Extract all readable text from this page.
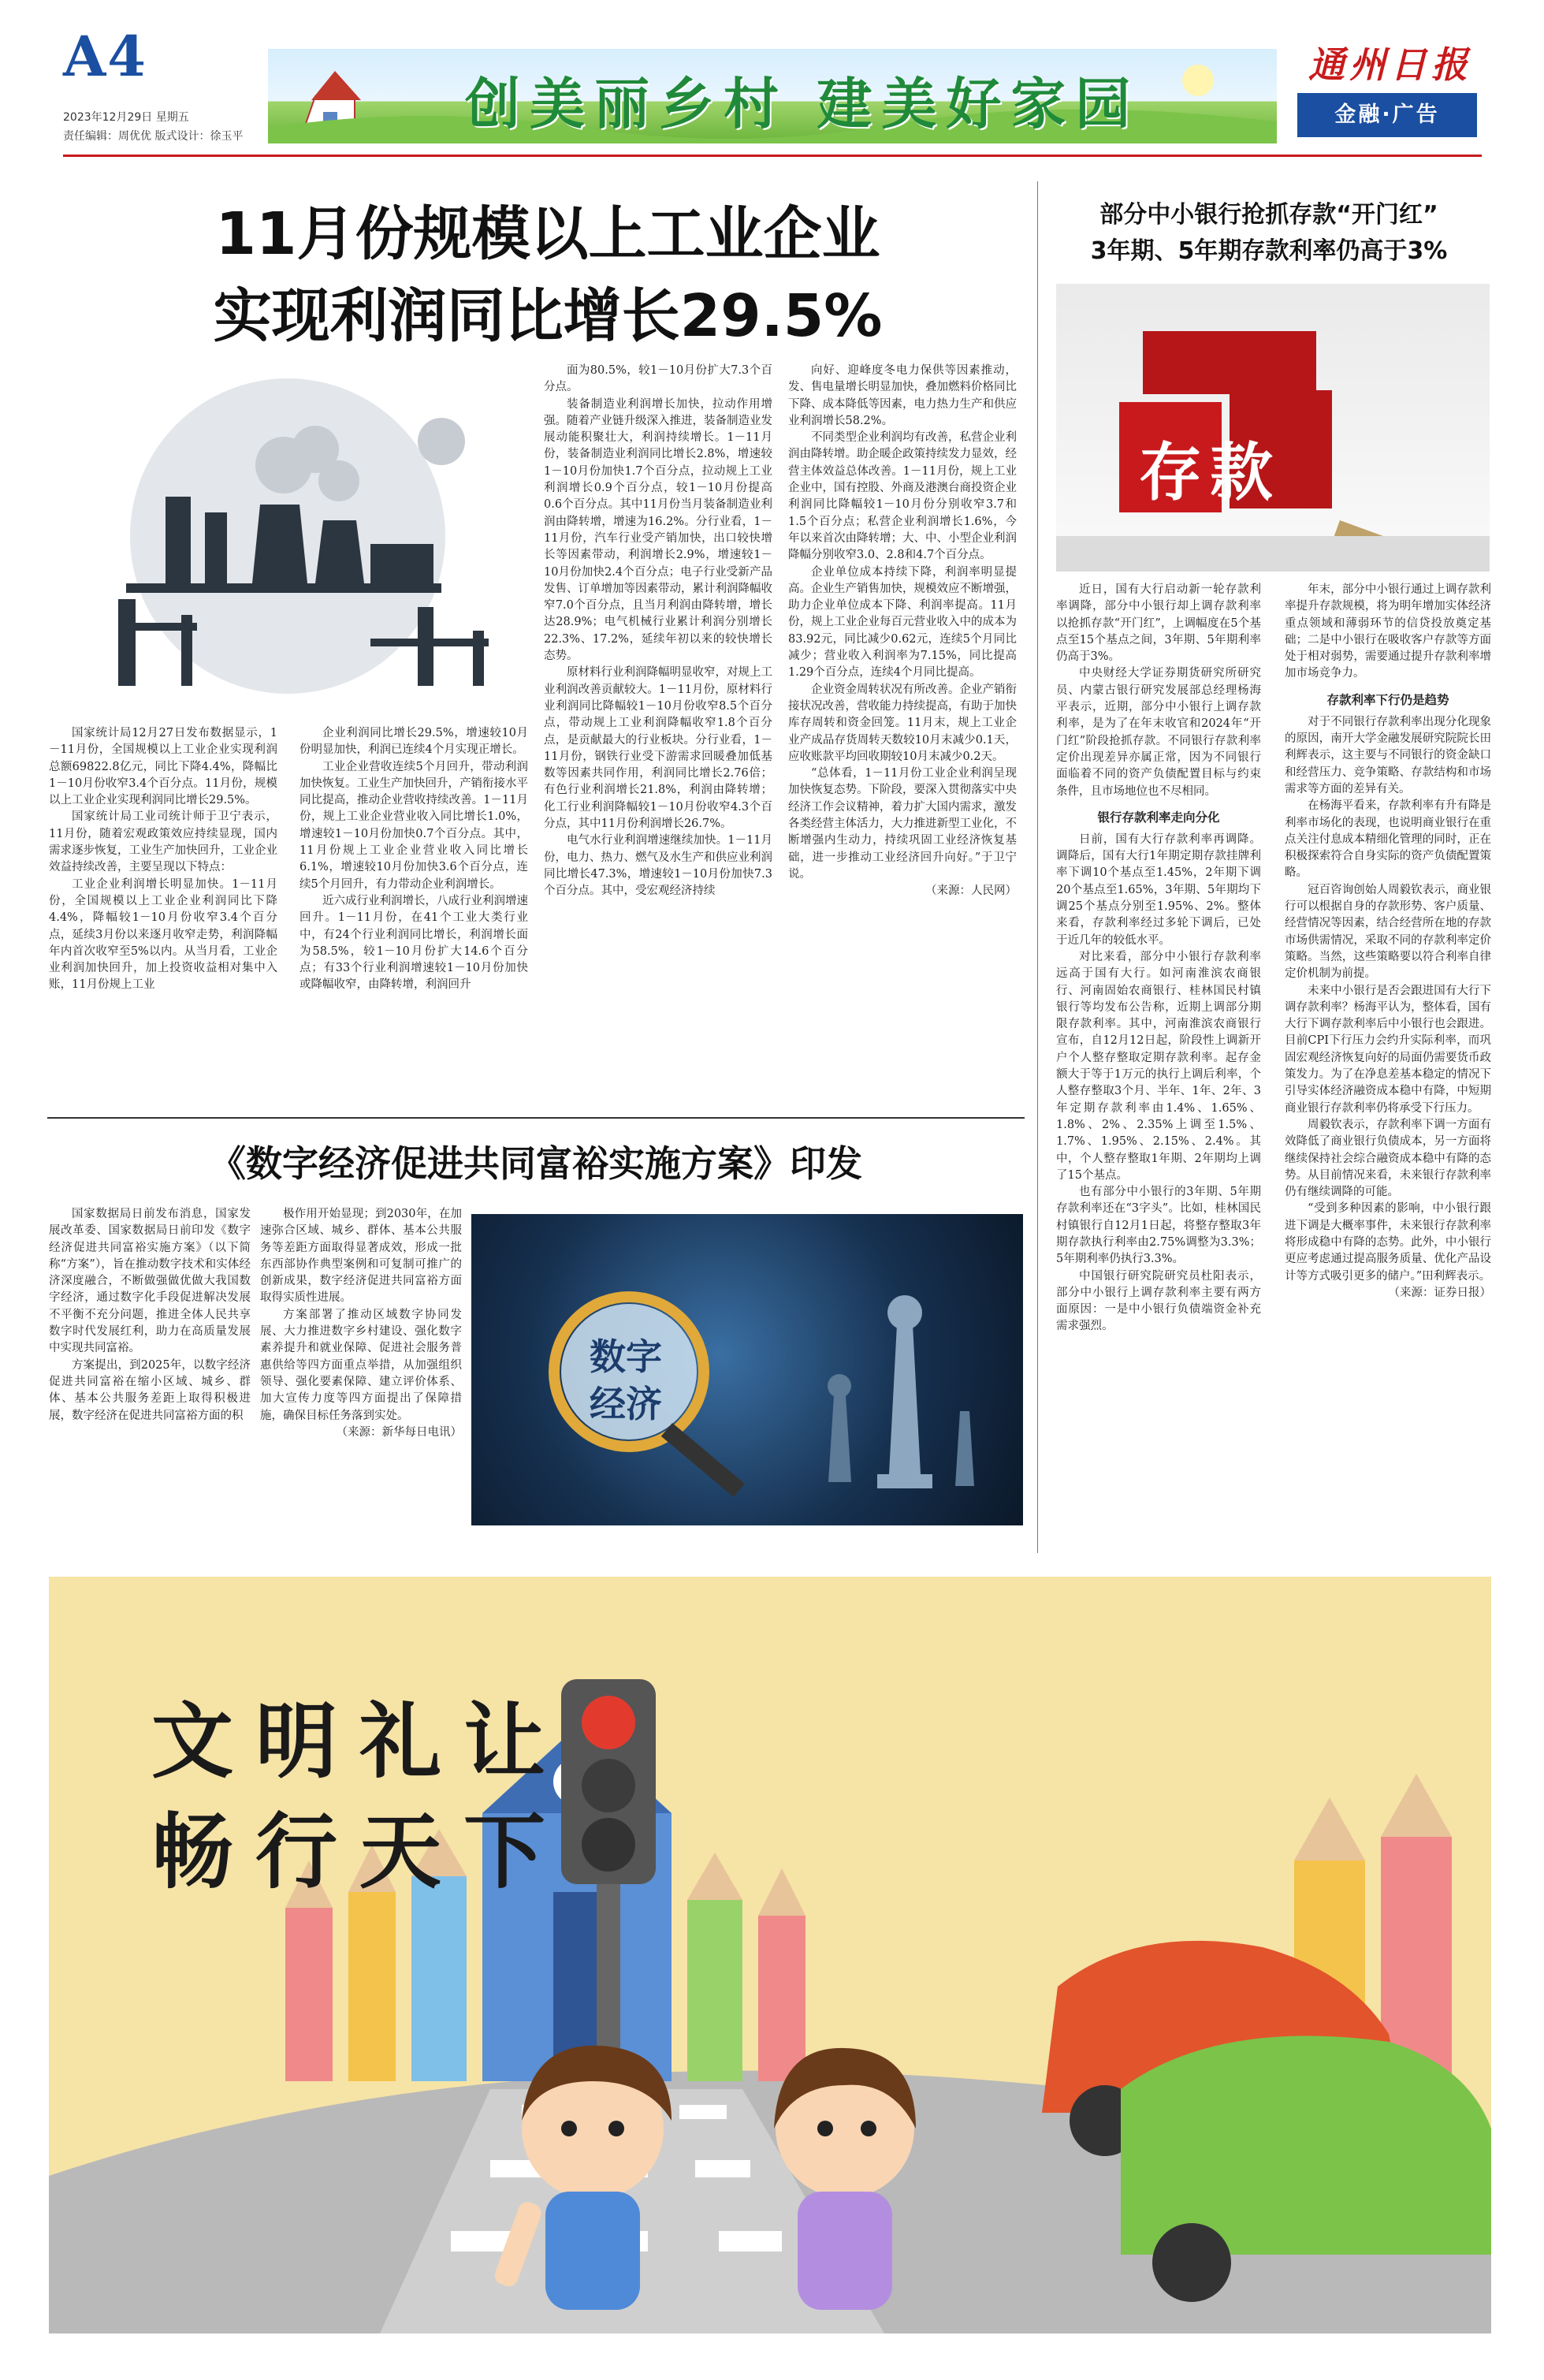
A4
2023年12月29日 星期五
责任编辑：周优优 版式设计：徐玉平	创美丽乡村 建美好家园
通州日报
金融·广告
11月份规模以上工业企业
实现利润同比增长29.5%

国家统计局12月27日发布数据显示，1－11月份，全国规模以上工业企业实现利润总额69822.8亿元，同比下降4.4%，降幅比1－10月份收窄3.4个百分点。11月份，规模以上工业企业实现利润同比增长29.5%。

国家统计局工业司统计师于卫宁表示，11月份，随着宏观政策效应持续显现，国内需求逐步恢复，工业生产加快回升，工业企业效益持续改善，主要呈现以下特点：

工业企业利润增长明显加快。1－11月份，全国规模以上工业企业利润同比下降4.4%，降幅较1－10月份收窄3.4个百分点，延续3月份以来逐月收窄走势，利润降幅年内首次收窄至5%以内。从当月看，工业企业利润加快回升，加上投资收益相对集中入账，11月份规上工业

企业利润同比增长29.5%，增速较10月份明显加快，利润已连续4个月实现正增长。

工业企业营收连续5个月回升，带动利润加快恢复。工业生产加快回升，产销衔接水平同比提高，推动企业营收持续改善。1－11月份，规上工业企业营业收入同比增长1.0%，增速较1－10月份加快0.7个百分点。其中，11月份规上工业企业营业收入同比增长6.1%，增速较10月份加快3.6个百分点，连续5个月回升，有力带动企业利润增长。

近六成行业利润增长，八成行业利润增速回升。1－11月份，在41个工业大类行业中，有24个行业利润同比增长，利润增长面为58.5%，较1－10月份扩大14.6个百分点；有33个行业利润增速较1－10月份加快或降幅收窄，由降转增，利润回升

面为80.5%，较1－10月份扩大7.3个百分点。

装备制造业利润增长加快，拉动作用增强。随着产业链升级深入推进，装备制造业发展动能积聚壮大，利润持续增长。1－11月份，装备制造业利润同比增长2.8%，增速较1－10月份加快1.7个百分点，拉动规上工业利润增长0.9个百分点，较1－10月份提高0.6个百分点。其中11月份当月装备制造业利润由降转增，增速为16.2%。分行业看，1－11月份，汽车行业受产销加快，出口较快增长等因素带动，利润增长2.9%，增速较1－10月份加快2.4个百分点；电子行业受新产品发售、订单增加等因素带动，累计利润降幅收窄7.0个百分点，且当月利润由降转增，增长达28.9%；电气机械行业累计利润分别增长22.3%、17.2%，延续年初以来的较快增长态势。

原材料行业利润降幅明显收窄，对规上工业利润改善贡献较大。1－11月份，原材料行业利润同比降幅较1－10月份收窄8.5个百分点，带动规上工业利润降幅收窄1.8个百分点，是贡献最大的行业板块。分行业看，1－11月份，钢铁行业受下游需求回暖叠加低基数等因素共同作用，利润同比增长2.76倍；有色行业利润增长21.8%，利润由降转增；化工行业利润降幅较1－10月份收窄4.3个百分点，其中11月份利润增长26.7%。

电气水行业利润增速继续加快。1－11月份，电力、热力、燃气及水生产和供应业利润同比增长47.3%，增速较1－10月份加快7.3个百分点。其中，受宏观经济持续

向好、迎峰度冬电力保供等因素推动，发、售电量增长明显加快，叠加燃料价格同比下降、成本降低等因素，电力热力生产和供应业利润增长58.2%。

不同类型企业利润均有改善，私营企业利润由降转增。助企暖企政策持续发力显效，经营主体效益总体改善。1－11月份，规上工业企业中，国有控股、外商及港澳台商投资企业利润同比降幅较1－10月份分别收窄3.7和1.5个百分点；私营企业利润增长1.6%，今年以来首次由降转增；大、中、小型企业利润降幅分别收窄3.0、2.8和4.7个百分点。

企业单位成本持续下降，利润率明显提高。企业生产销售加快，规模效应不断增强，助力企业单位成本下降、利润率提高。11月份，规上工业企业每百元营业收入中的成本为83.92元，同比减少0.62元，连续5个月同比减少；营业收入利润率为7.15%，同比提高1.29个百分点，连续4个月同比提高。

企业资金周转状况有所改善。企业产销衔接状况改善，营收能力持续提高，有助于加快库存周转和资金回笼。11月末，规上工业企业产成品存货周转天数较10月末减少0.1天，应收账款平均回收期较10月末减少0.2天。

“总体看，1－11月份工业企业利润呈现加快恢复态势。下阶段，要深入贯彻落实中央经济工作会议精神，着力扩大国内需求，激发各类经营主体活力，大力推进新型工业化，不断增强内生动力，持续巩固工业经济恢复基础，进一步推动工业经济回升向好。”于卫宁说。

（来源：人民网）

《数字经济促进共同富裕实施方案》印发

国家数据局日前发布消息，国家发展改革委、国家数据局日前印发《数字经济促进共同富裕实施方案》（以下简称“方案”），旨在推动数字技术和实体经济深度融合，不断做强做优做大我国数字经济，通过数字化手段促进解决发展不平衡不充分问题，推进全体人民共享数字时代发展红利，助力在高质量发展中实现共同富裕。

方案提出，到2025年，以数字经济促进共同富裕在缩小区域、城乡、群体、基本公共服务差距上取得积极进展，数字经济在促进共同富裕方面的积

极作用开始显现；到2030年，在加速弥合区域、城乡、群体、基本公共服务等差距方面取得显著成效，形成一批东西部协作典型案例和可复制可推广的创新成果，数字经济促进共同富裕方面取得实质性进展。

方案部署了推动区域数字协同发展、大力推进数字乡村建设、强化数字素养提升和就业保障、促进社会服务普惠供给等四方面重点举措，从加强组织领导、强化要素保障、建立评价体系、加大宣传力度等四方面提出了保障措施，确保目标任务落到实处。

（来源：新华每日电讯）

数字
经济
部分中小银行抢抓存款“开门红”
3年期、5年期存款利率仍高于3%
存款

近日，国有大行启动新一轮存款利率调降，部分中小银行却上调存款利率以抢抓存款“开门红”，上调幅度在5个基点至15个基点之间，3年期、5年期利率仍高于3%。

中央财经大学证券期货研究所研究员、内蒙古银行研究发展部总经理杨海平表示，近期，部分中小银行上调存款利率，是为了在年末收官和2024年“开门红”阶段抢抓存款。不同银行存款利率定价出现差异亦属正常，因为不同银行面临着不同的资产负债配置目标与约束条件，且市场地位也不尽相同。

银行存款利率走向分化

日前，国有大行存款利率再调降。调降后，国有大行1年期定期存款挂牌利率下调10个基点至1.45%，2年期下调20个基点至1.65%，3年期、5年期均下调25个基点分别至1.95%、2%。整体来看，存款利率经过多轮下调后，已处于近几年的较低水平。

对比来看，部分中小银行存款利率远高于国有大行。如河南淮滨农商银行、河南固始农商银行、桂林国民村镇银行等均发布公告称，近期上调部分期限存款利率。其中，河南淮滨农商银行宣布，自12月12日起，阶段性上调新开户个人整存整取定期存款利率。起存金额大于等于1万元的执行上调后利率，个人整存整取3个月、半年、1年、2年、3年定期存款利率由1.4%、1.65%、1.8%、2%、2.35%上调至1.5%、1.7%、1.95%、2.15%、2.4%。其中，个人整存整取1年期、2年期均上调了15个基点。

也有部分中小银行的3年期、5年期存款利率还在“3字头”。比如，桂林国民村镇银行自12月1日起，将整存整取3年期存款执行利率由2.75%调整为3.3%；5年期利率仍执行3.3%。

中国银行研究院研究员杜阳表示，部分中小银行上调存款利率主要有两方面原因：一是中小银行负债端资金补充需求强烈。

年末，部分中小银行通过上调存款利率提升存款规模，将为明年增加实体经济重点领域和薄弱环节的信贷投放奠定基础；二是中小银行在吸收客户存款等方面处于相对弱势，需要通过提升存款利率增加市场竞争力。

存款利率下行仍是趋势

对于不同银行存款利率出现分化现象的原因，南开大学金融发展研究院院长田利辉表示，这主要与不同银行的资金缺口和经营压力、竞争策略、存款结构和市场需求等方面的差异有关。

在杨海平看来，存款利率有升有降是利率市场化的表现，也说明商业银行在重点关注付息成本精细化管理的同时，正在积极探索符合自身实际的资产负债配置策略。

冠百咨询创始人周毅钦表示，商业银行可以根据自身的存款形势、客户质量、经营情况等因素，结合经营所在地的存款市场供需情况，采取不同的存款利率定价策略。当然，这些策略要以符合利率自律定价机制为前提。

未来中小银行是否会跟进国有大行下调存款利率？杨海平认为，整体看，国有大行下调存款利率后中小银行也会跟进。目前CPI下行压力会约升实际利率，而巩固宏观经济恢复向好的局面仍需要货币政策发力。为了在净息差基本稳定的情况下引导实体经济融资成本稳中有降，中短期商业银行存款利率仍将承受下行压力。

周毅钦表示，存款利率下调一方面有效降低了商业银行负债成本，另一方面将继续保持社会综合融资成本稳中有降的态势。从目前情况来看，未来银行存款利率仍有继续调降的可能。

“受到多种因素的影响，中小银行跟进下调是大概率事件，未来银行存款利率将形成稳中有降的态势。此外，中小银行更应考虑通过提高服务质量、优化产品设计等方式吸引更多的储户。”田利辉表示。

（来源：证券日报）

文明礼让
畅行天下
